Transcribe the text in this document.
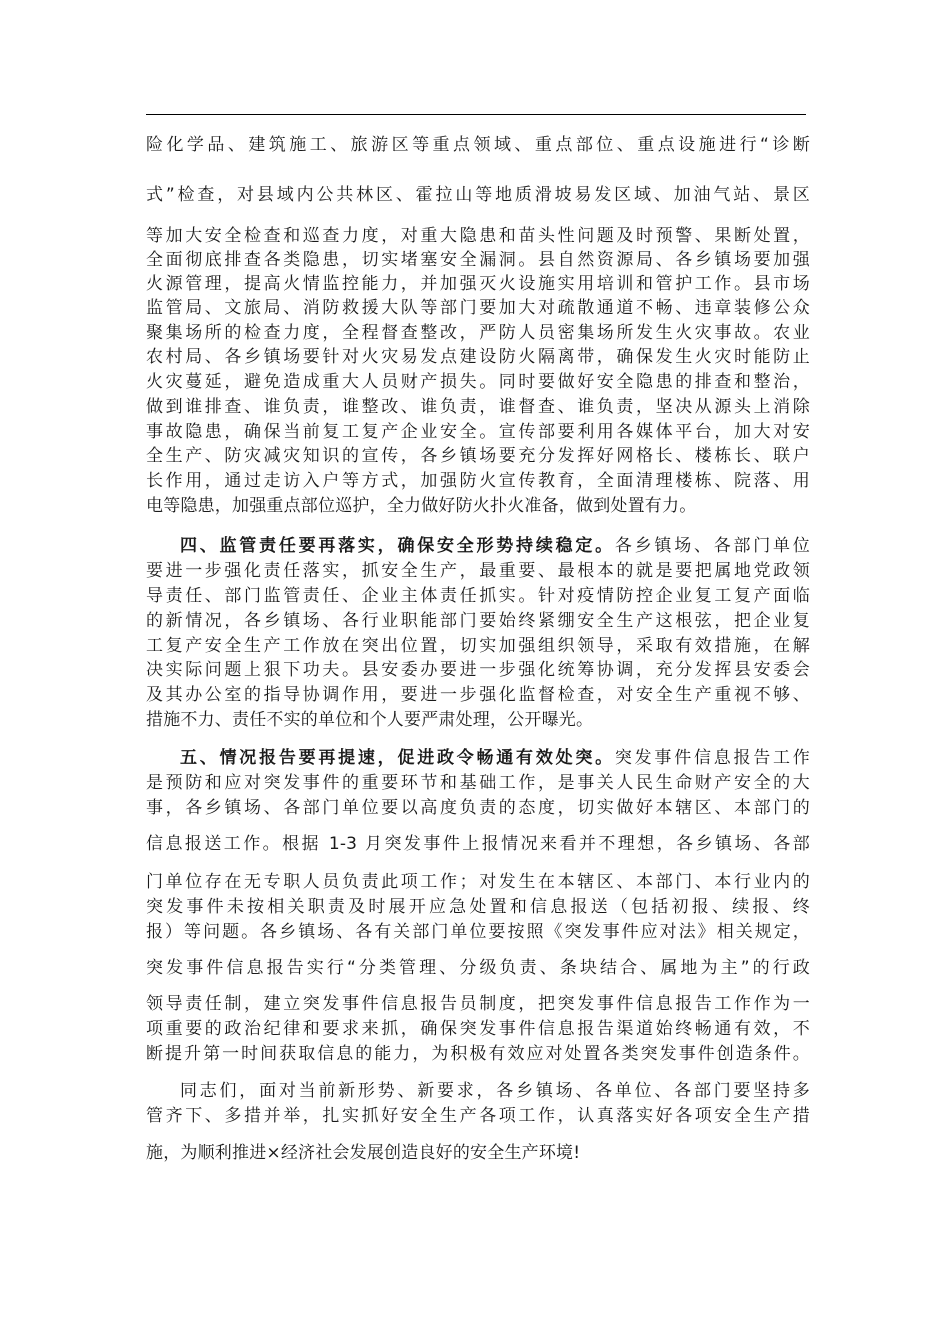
险化学品、建筑施工、旅游区等重点领域、重点部位、重点设施进行“诊断
式”检查，对县域内公共林区、霍拉山等地质滑坡易发区域、加油气站、景区
等加大安全检查和巡查力度，对重大隐患和苗头性问题及时预警、果断处置，
全面彻底排查各类隐患，切实堵塞安全漏洞。县自然资源局、各乡镇场要加强
火源管理，提高火情监控能力，并加强灭火设施实用培训和管护工作。县市场
监管局、文旅局、消防救援大队等部门要加大对疏散通道不畅、违章装修公众
聚集场所的检查力度，全程督查整改，严防人员密集场所发生火灾事故。农业
农村局、各乡镇场要针对火灾易发点建设防火隔离带，确保发生火灾时能防止
火灾蔓延，避免造成重大人员财产损失。同时要做好安全隐患的排查和整治，
做到谁排查、谁负责，谁整改、谁负责，谁督查、谁负责，坚决从源头上消除
事故隐患，确保当前复工复产企业安全。宣传部要利用各媒体平台，加大对安
全生产、防灾减灾知识的宣传，各乡镇场要充分发挥好网格长、楼栋长、联户
长作用，通过走访入户等方式，加强防火宣传教育，全面清理楼栋、院落、用
电等隐患，加强重点部位巡护，全力做好防火扑火准备，做到处置有力。
四、监管责任要再落实，确保安全形势持续稳定。各乡镇场、各部门单位
要进一步强化责任落实，抓安全生产，最重要、最根本的就是要把属地党政领
导责任、部门监管责任、企业主体责任抓实。针对疫情防控企业复工复产面临
的新情况，各乡镇场、各行业职能部门要始终紧绷安全生产这根弦，把企业复
工复产安全生产工作放在突出位置，切实加强组织领导，采取有效措施，在解
决实际问题上狠下功夫。县安委办要进一步强化统筹协调，充分发挥县安委会
及其办公室的指导协调作用，要进一步强化监督检查，对安全生产重视不够、
措施不力、责任不实的单位和个人要严肃处理，公开曝光。
五、情况报告要再提速，促进政令畅通有效处突。突发事件信息报告工作
是预防和应对突发事件的重要环节和基础工作，是事关人民生命财产安全的大
事，各乡镇场、各部门单位要以高度负责的态度，切实做好本辖区、本部门的
信息报送工作。根据 1-3 月突发事件上报情况来看并不理想，各乡镇场、各部
门单位存在无专职人员负责此项工作；对发生在本辖区、本部门、本行业内的
突发事件未按相关职责及时展开应急处置和信息报送（包括初报、续报、终
报）等问题。各乡镇场、各有关部门单位要按照《突发事件应对法》相关规定，
突发事件信息报告实行“分类管理、分级负责、条块结合、属地为主”的行政
领导责任制，建立突发事件信息报告员制度，把突发事件信息报告工作作为一
项重要的政治纪律和要求来抓，确保突发事件信息报告渠道始终畅通有效，不
断提升第一时间获取信息的能力，为积极有效应对处置各类突发事件创造条件。
同志们，面对当前新形势、新要求，各乡镇场、各单位、各部门要坚持多
管齐下、多措并举，扎实抓好安全生产各项工作，认真落实好各项安全生产措
施，为顺利推进×经济社会发展创造良好的安全生产环境!
